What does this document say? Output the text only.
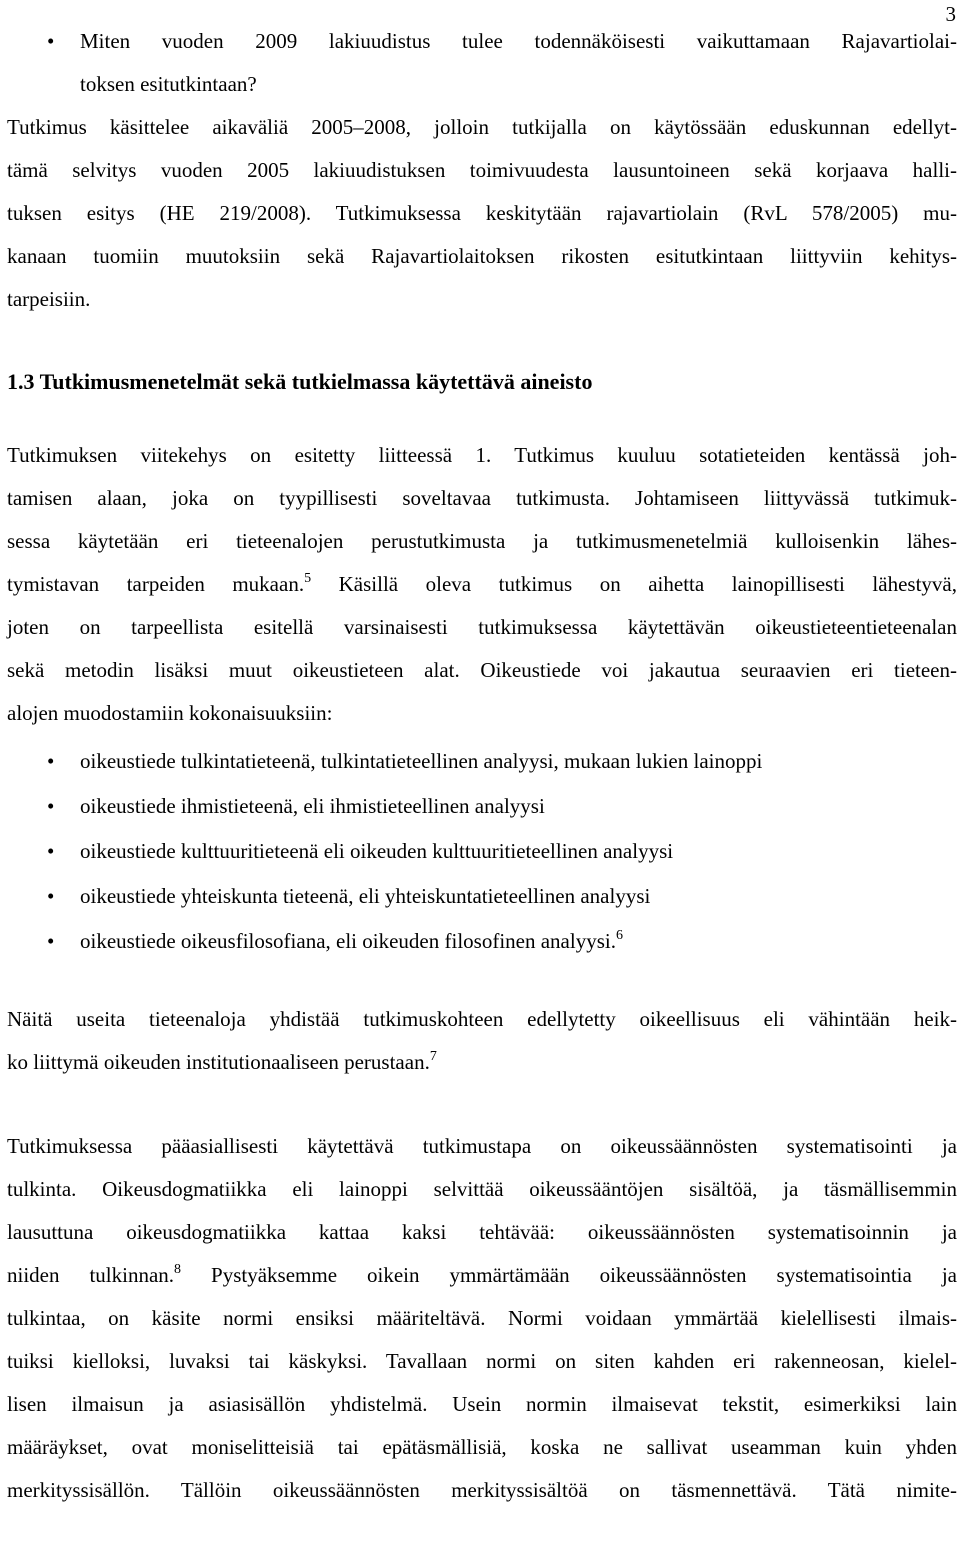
3
• Miten vuoden 2009 lakiuudistus tulee todennäköisesti vaikuttamaan Rajavartiolai-
toksen esitutkintaan?
Tutkimus käsittelee aikaväliä 2005–2008, jolloin tutkijalla on käytössään eduskunnan edellyt-
tämä selvitys vuoden 2005 lakiuudistuksen toimivuudesta lausuntoineen sekä korjaava halli-
tuksen esitys (HE 219/2008). Tutkimuksessa keskitytään rajavartiolain (RvL 578/2005) mu-
kanaan tuomiin muutoksiin sekä Rajavartiolaitoksen rikosten esitutkintaan liittyviin kehitys-
tarpeisiin.
1.3 Tutkimusmenetelmät sekä tutkielmassa käytettävä aineisto
Tutkimuksen viitekehys on esitetty liitteessä 1. Tutkimus kuuluu sotatieteiden kentässä joh-
tamisen alaan, joka on tyypillisesti soveltavaa tutkimusta. Johtamiseen liittyvässä tutkimuk-
sessa käytetään eri tieteenalojen perustutkimusta ja tutkimusmenetelmiä kulloisenkin lähes-
tymistavan tarpeiden mukaan.$^5$ Käsillä oleva tutkimus on aihetta lainopillisesti lähestyvä,
joten on tarpeellista esitellä varsinaisesti tutkimuksessa käytettävän oikeustieteentieteenalan
sekä metodin lisäksi muut oikeustieteen alat. Oikeustiede voi jakautua seuraavien eri tieteen-
alojen muodostamiin kokonaisuuksiin:
• oikeustiede tulkintatieteenä, tulkintatieteellinen analyysi, mukaan lukien lainoppi
• oikeustiede ihmistieteenä, eli ihmistieteellinen analyysi
• oikeustiede kulttuuritieteenä eli oikeuden kulttuuritieteellinen analyysi
• oikeustiede yhteiskunta tieteenä, eli yhteiskuntatieteellinen analyysi
• oikeustiede oikeusfilosofiana, eli oikeuden filosofinen analyysi.$^6$
Näitä useita tieteenaloja yhdistää tutkimuskohteen edellytetty oikeellisuus eli vähintään heik-
ko liittymä oikeuden institutionaaliseen perustaan.$^7$
Tutkimuksessa pääasiallisesti käytettävä tutkimustapa on oikeussäännösten systematisointi ja
tulkinta. Oikeusdogmatiikka eli lainoppi selvittää oikeussääntöjen sisältöä, ja täsmällisemmin
lausuttuna oikeusdogmatiikka kattaa kaksi tehtävää: oikeussäännösten systematisoinnin ja
niiden tulkinnan.$^8$ Pystyäksemme oikein ymmärtämään oikeussäännösten systematisointia ja
tulkintaa, on käsite normi ensiksi määriteltävä. Normi voidaan ymmärtää kielellisesti ilmais-
tuiksi kielloksi, luvaksi tai käskyksi. Tavallaan normi on siten kahden eri rakenneosan, kielel-
lisen ilmaisun ja asiasisällön yhdistelmä. Usein normin ilmaisevat tekstit, esimerkiksi lain
määräykset, ovat moniselitteisiä tai epätäsmällisiä, koska ne sallivat useamman kuin yhden
merkityssisällön. Tällöin oikeussäännösten merkityssisältöä on täsmennettävä. Tätä nimite-
